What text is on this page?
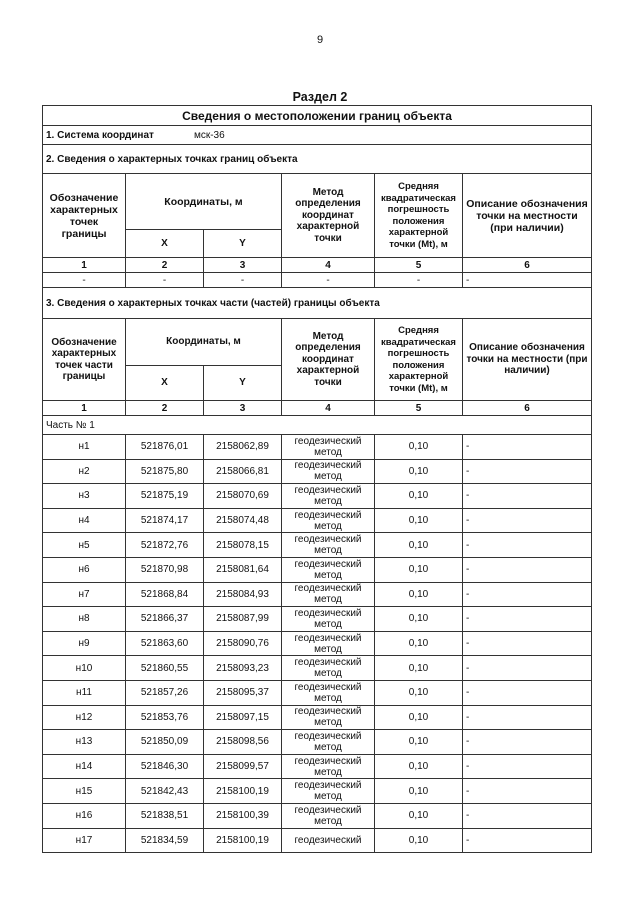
9
Раздел 2
Сведения о местоположении границ объекта					
1. Система координат мск-36					
2. Сведения о характерных точках границ объекта					
Обозначение характерных точек границы	Координаты, м		Метод определения координат характерной точки	Средняя квадратическая погрешность положения характерной точки (Mt), м	Описание обозначения точки на местности (при наличии)
	X	Y			
1	2	3	4	5	6
-	-	-	-	-	-
3. Сведения о характерных точках части (частей) границы объекта					
Обозначение характерных точек части границы	Координаты, м		Метод определения координат характерной точки	Средняя квадратическая погрешность положения характерной точки (Mt), м	Описание обозначения точки на местности (при наличии)
	X	Y			
1	2	3	4	5	6
Часть № 1					
н1	521876,01	2158062,89	геодезический метод	0,10	-
н2	521875,80	2158066,81	геодезический метод	0,10	-
н3	521875,19	2158070,69	геодезический метод	0,10	-
н4	521874,17	2158074,48	геодезический метод	0,10	-
н5	521872,76	2158078,15	геодезический метод	0,10	-
н6	521870,98	2158081,64	геодезический метод	0,10	-
н7	521868,84	2158084,93	геодезический метод	0,10	-
н8	521866,37	2158087,99	геодезический метод	0,10	-
н9	521863,60	2158090,76	геодезический метод	0,10	-
н10	521860,55	2158093,23	геодезический метод	0,10	-
н11	521857,26	2158095,37	геодезический метод	0,10	-
н12	521853,76	2158097,15	геодезический метод	0,10	-
н13	521850,09	2158098,56	геодезический метод	0,10	-
н14	521846,30	2158099,57	геодезический метод	0,10	-
н15	521842,43	2158100,19	геодезический метод	0,10	-
н16	521838,51	2158100,39	геодезический метод	0,10	-
н17	521834,59	2158100,19	геодезический	0,10	-
